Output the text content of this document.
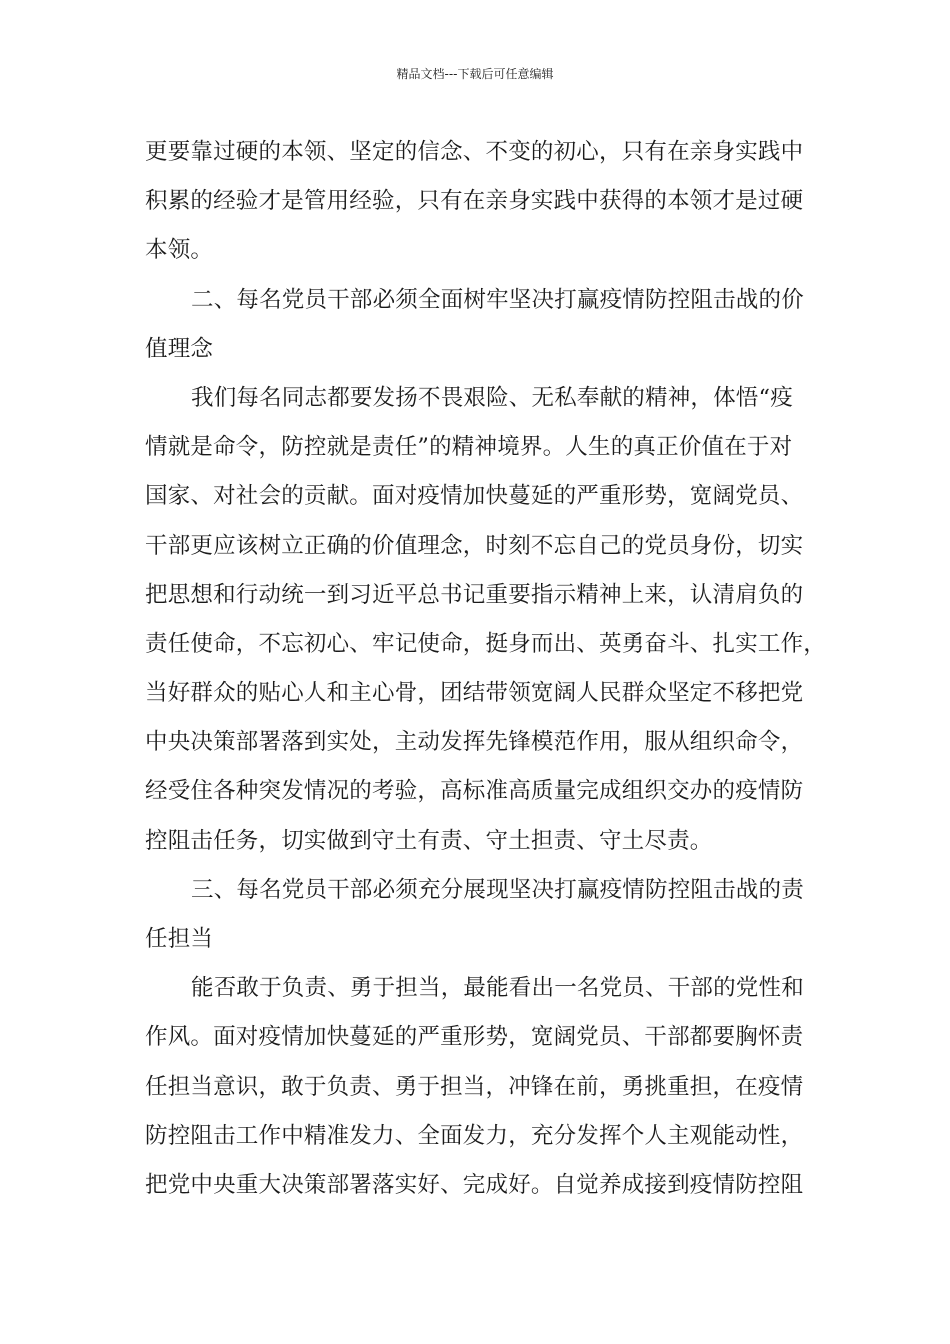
精品文档---下载后可任意编辑
更要靠过硬的本领、坚定的信念、不变的初心，只有在亲身实践中
积累的经验才是管用经验，只有在亲身实践中获得的本领才是过硬
本领。
二、每名党员干部必须全面树牢坚决打赢疫情防控阻击战的价
值理念
我们每名同志都要发扬不畏艰险、无私奉献的精神，体悟“疫
情就是命令，防控就是责任”的精神境界。人生的真正价值在于对
国家、对社会的贡献。面对疫情加快蔓延的严重形势，宽阔党员、
干部更应该树立正确的价值理念，时刻不忘自己的党员身份，切实
把思想和行动统一到习近平总书记重要指示精神上来，认清肩负的
责任使命，不忘初心、牢记使命，挺身而出、英勇奋斗、扎实工作，
当好群众的贴心人和主心骨，团结带领宽阔人民群众坚定不移把党
中央决策部署落到实处，主动发挥先锋模范作用，服从组织命令，
经受住各种突发情况的考验，高标准高质量完成组织交办的疫情防
控阻击任务，切实做到守土有责、守土担责、守土尽责。
三、每名党员干部必须充分展现坚决打赢疫情防控阻击战的责
任担当
能否敢于负责、勇于担当，最能看出一名党员、干部的党性和
作风。面对疫情加快蔓延的严重形势，宽阔党员、干部都要胸怀责
任担当意识，敢于负责、勇于担当，冲锋在前，勇挑重担，在疫情
防控阻击工作中精准发力、全面发力，充分发挥个人主观能动性，
把党中央重大决策部署落实好、完成好。自觉养成接到疫情防控阻
